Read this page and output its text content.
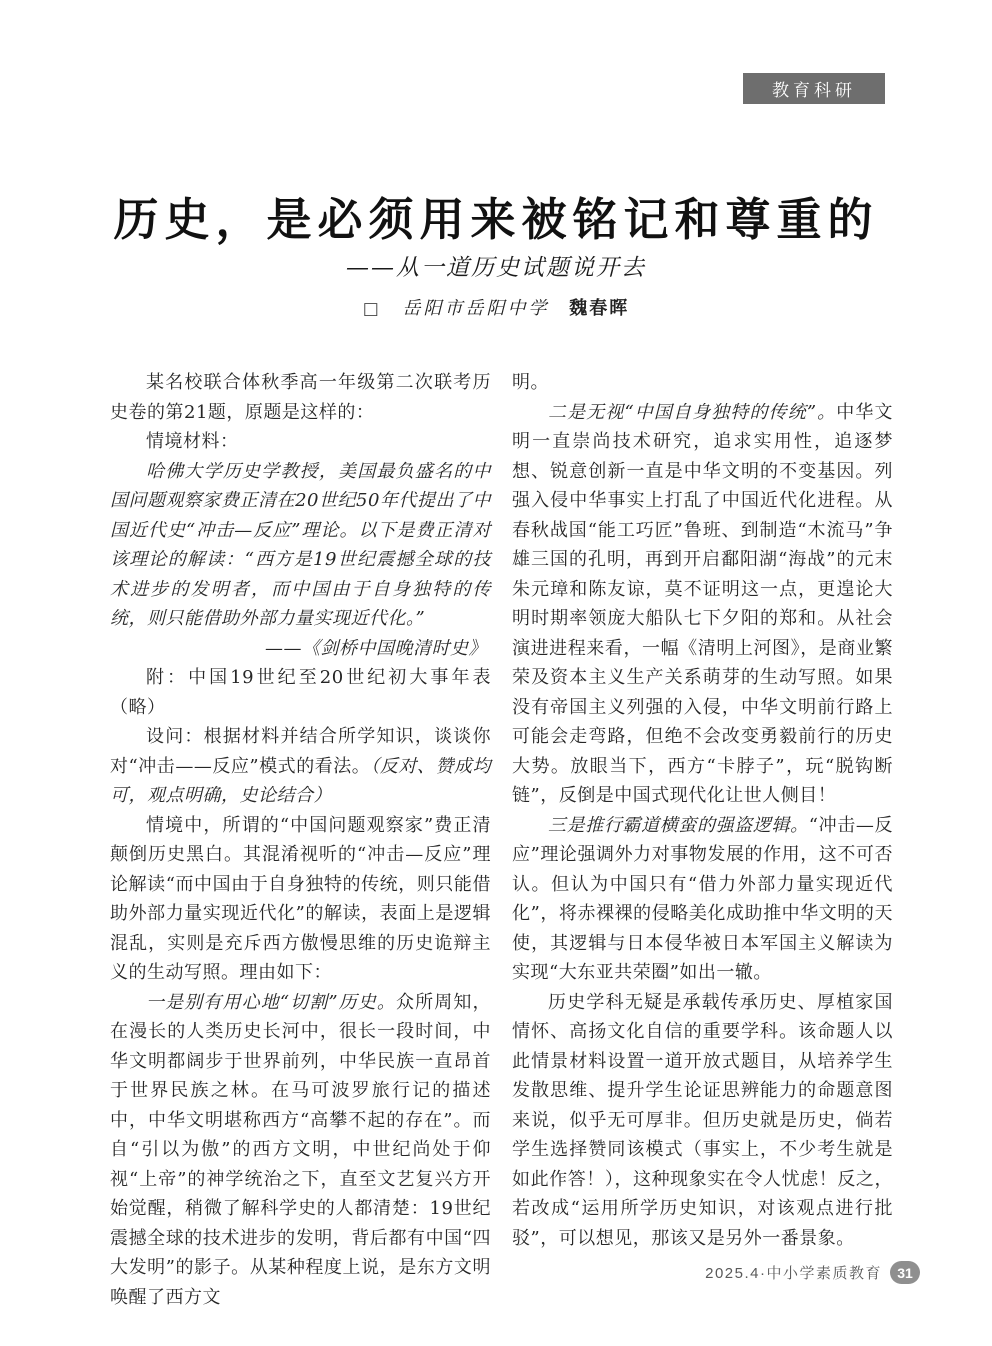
教育科研
历史，是必须用来被铭记和尊重的
——从一道历史试题说开去
□ 岳阳市岳阳中学 魏春晖

某名校联合体秋季高一年级第二次联考历史卷的第21题，原题是这样的：

情境材料：

哈佛大学历史学教授，美国最负盛名的中国问题观察家费正清在20世纪50年代提出了中国近代史“冲击—反应”理论。以下是费正清对该理论的解读：“西方是19世纪震撼全球的技术进步的发明者，而中国由于自身独特的传统，则只能借助外部力量实现近代化。”

——《剑桥中国晚清时史》

附：中国19世纪至20世纪初大事年表（略）

设问：根据材料并结合所学知识，谈谈你对“冲击——反应”模式的看法。（反对、赞成均可，观点明确，史论结合）

情境中，所谓的“中国问题观察家”费正清颠倒历史黑白。其混淆视听的“冲击—反应”理论解读“而中国由于自身独特的传统，则只能借助外部力量实现近代化”的解读，表面上是逻辑混乱，实则是充斥西方傲慢思维的历史诡辩主义的生动写照。理由如下：

一是别有用心地“切割”历史。众所周知，在漫长的人类历史长河中，很长一段时间，中华文明都阔步于世界前列，中华民族一直昂首于世界民族之林。在马可波罗旅行记的描述中，中华文明堪称西方“高攀不起的存在”。而自“引以为傲”的西方文明，中世纪尚处于仰视“上帝”的神学统治之下，直至文艺复兴方开始觉醒，稍微了解科学史的人都清楚：19世纪震撼全球的技术进步的发明，背后都有中国“四大发明”的影子。从某种程度上说，是东方文明唤醒了西方文

明。

二是无视“中国自身独特的传统”。中华文明一直崇尚技术研究，追求实用性，追逐梦想、锐意创新一直是中华文明的不变基因。列强入侵中华事实上打乱了中国近代化进程。从春秋战国“能工巧匠”鲁班、到制造“木流马”争雄三国的孔明，再到开启鄱阳湖“海战”的元末朱元璋和陈友谅，莫不证明这一点，更遑论大明时期率领庞大船队七下夕阳的郑和。从社会演进进程来看，一幅《清明上河图》，是商业繁荣及资本主义生产关系萌芽的生动写照。如果没有帝国主义列强的入侵，中华文明前行路上可能会走弯路，但绝不会改变勇毅前行的历史大势。放眼当下，西方“卡脖子”，玩“脱钩断链”，反倒是中国式现代化让世人侧目！

三是推行霸道横蛮的强盗逻辑。“冲击—反应”理论强调外力对事物发展的作用，这不可否认。但认为中国只有“借力外部力量实现近代化”，将赤裸裸的侵略美化成助推中华文明的天使，其逻辑与日本侵华被日本军国主义解读为实现“大东亚共荣圈”如出一辙。

历史学科无疑是承载传承历史、厚植家国情怀、高扬文化自信的重要学科。该命题人以此情景材料设置一道开放式题目，从培养学生发散思维、提升学生论证思辨能力的命题意图来说，似乎无可厚非。但历史就是历史，倘若学生选择赞同该模式（事实上，不少考生就是如此作答！），这种现象实在令人忧虑！反之，若改成“运用所学历史知识，对该观点进行批驳”，可以想见，那该又是另外一番景象。

2025.4·中小学素质教育	31
